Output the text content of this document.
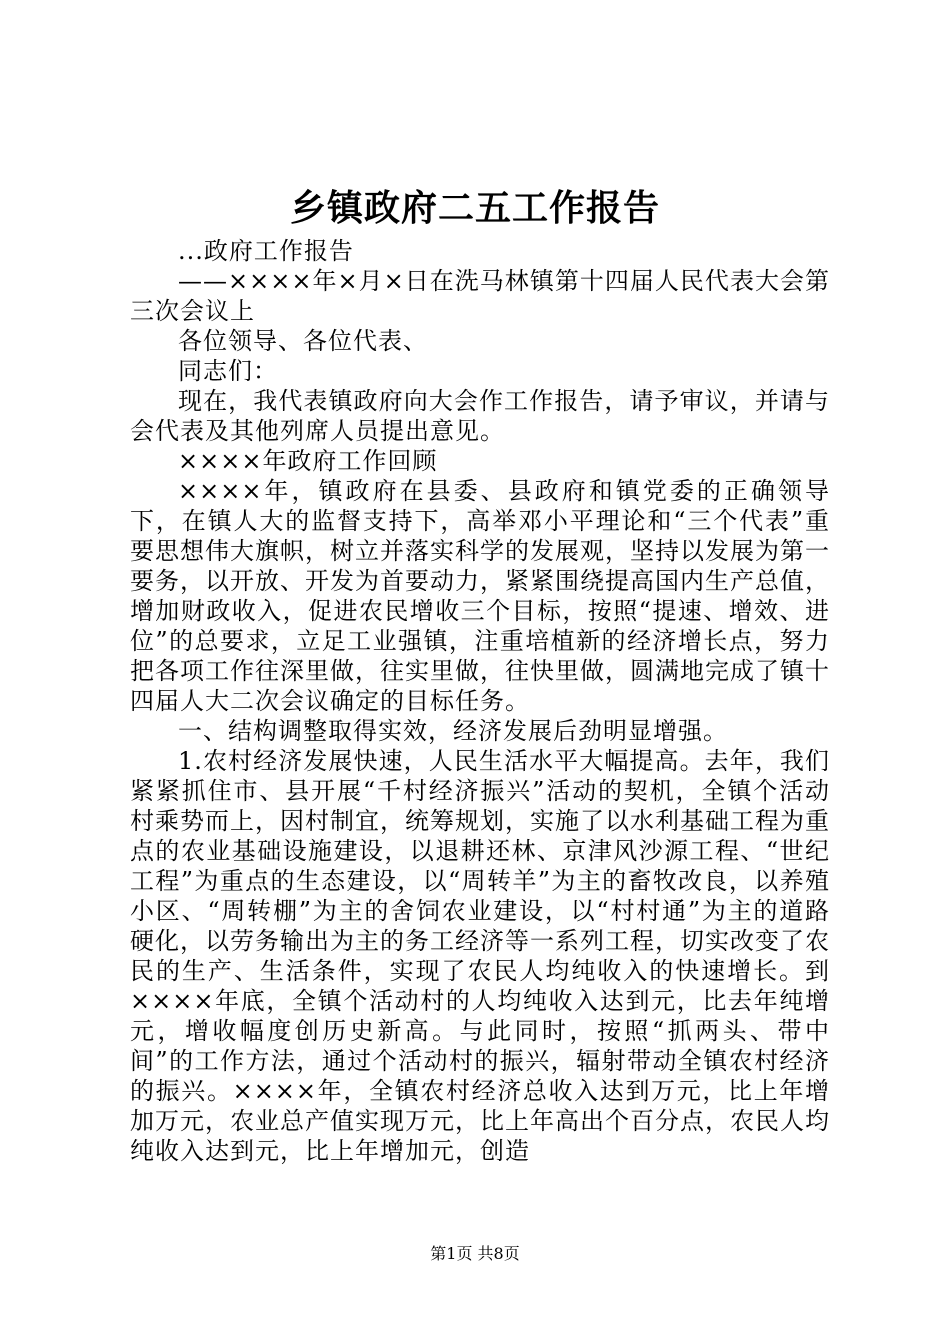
乡镇政府二五工作报告

...政府工作报告

——××××年×月×日在洗马林镇第十四届人民代表大会第三次会议上

各位领导、各位代表、

同志们：

现在，我代表镇政府向大会作工作报告，请予审议，并请与会代表及其他列席人员提出意见。

××××年政府工作回顾

××××年，镇政府在县委、县政府和镇党委的正确领导下，在镇人大的监督支持下，高举邓小平理论和“三个代表”重要思想伟大旗帜，树立并落实科学的发展观，坚持以发展为第一要务，以开放、开发为首要动力，紧紧围绕提高国内生产总值，增加财政收入，促进农民增收三个目标，按照“提速、增效、进位”的总要求，立足工业强镇，注重培植新的经济增长点，努力把各项工作往深里做，往实里做，往快里做，圆满地完成了镇十四届人大二次会议确定的目标任务。

一、结构调整取得实效，经济发展后劲明显增强。

1.农村经济发展快速，人民生活水平大幅提高。去年，我们紧紧抓住市、县开展“千村经济振兴”活动的契机，全镇个活动村乘势而上，因村制宜，统筹规划，实施了以水利基础工程为重点的农业基础设施建设，以退耕还林、京津风沙源工程、“世纪工程”为重点的生态建设，以“周转羊”为主的畜牧改良，以养殖小区、“周转棚”为主的舍饲农业建设，以“村村通”为主的道路硬化，以劳务输出为主的务工经济等一系列工程，切实改变了农民的生产、生活条件，实现了农民人均纯收入的快速增长。到××××年底，全镇个活动村的人均纯收入达到元，比去年纯增元，增收幅度创历史新高。与此同时，按照“抓两头、带中间”的工作方法，通过个活动村的振兴，辐射带动全镇农村经济的振兴。××××年，全镇农村经济总收入达到万元，比上年增加万元，农业总产值实现万元，比上年高出个百分点，农民人均纯收入达到元，比上年增加元，创造

第1页 共8页
